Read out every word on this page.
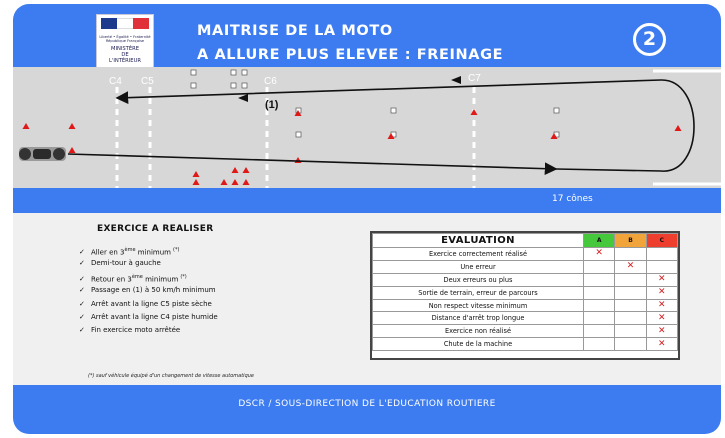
Liberté • Égalité • Fraternité
République Française
MINISTÈRE
DE
L'INTÉRIEUR
MAITRISE DE LA MOTO
A ALLURE PLUS ELEVEE : FREINAGE
2
C4 C5	C6	C7
(1)
17 cônes
EXERCICE A REALISER
✓ Aller en 3ème minimum (*)
✓ Demi-tour à gauche
✓ Retour en 3ème minimum (*)
✓ Passage en (1) à 50 km/h minimum
✓ Arrêt avant la ligne C5 piste sèche
✓ Arrêt avant la ligne C4 piste humide
✓ Fin exercice moto arrêtée
(*) sauf véhicule équipé d'un changement de vitesse automatique
EVALUATION	A	B	C
Exercice correctement réalisé	✕		
Une erreur		✕	
Deux erreurs ou plus			✕
Sortie de terrain, erreur de parcours			✕
Non respect vitesse minimum			✕
Distance d'arrêt trop longue			✕
Exercice non réalisé			✕
Chute de la machine			✕
DSCR / SOUS-DIRECTION DE L'EDUCATION ROUTIERE
